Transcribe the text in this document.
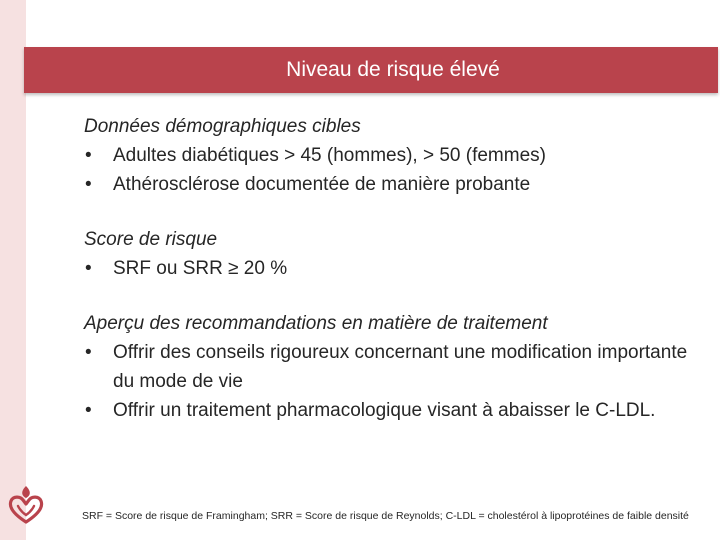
Niveau de risque élevé
Données démographiques cibles
• Adultes diabétiques > 45 (hommes), > 50 (femmes)
• Athérosclérose documentée de manière probante
Score de risque
• SRF ou SRR ≥ 20 %
Aperçu des recommandations en matière de traitement
• Offrir des conseils rigoureux concernant une modification importante du mode de vie
• Offrir un traitement pharmacologique visant à abaisser le C-LDL.
SRF = Score de risque de Framingham; SRR = Score de risque de Reynolds; C-LDL = cholestérol à lipoprotéines de faible densité
